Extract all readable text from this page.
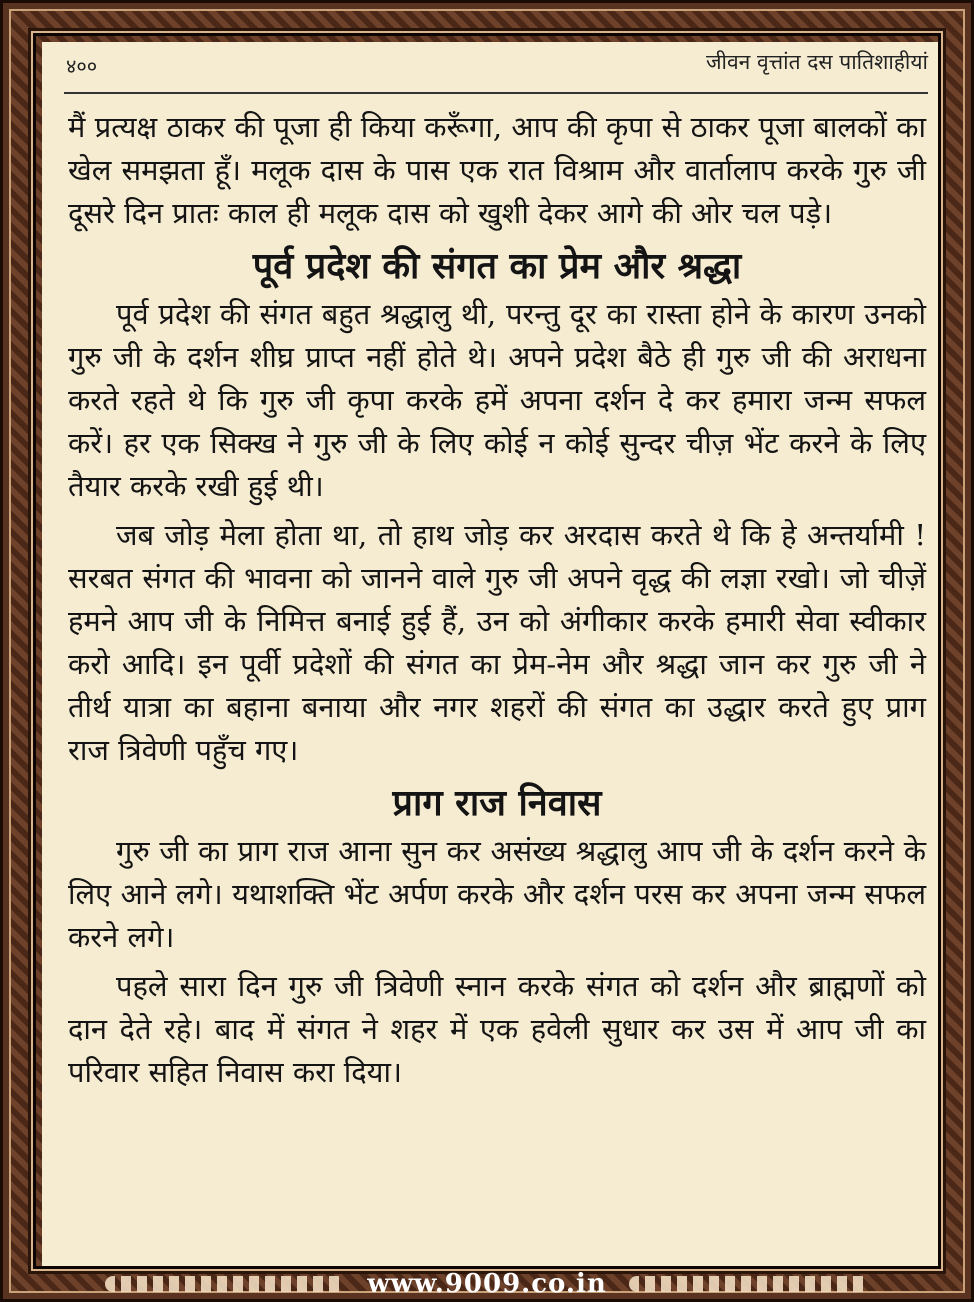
४००	जीवन वृत्तांत दस पातिशाहीयां

मैं प्रत्यक्ष ठाकर की पूजा ही किया करूँगा, आप की कृपा से ठाकर पूजा बालकों का खेल समझता हूँ। मलूक दास के पास एक रात विश्राम और वार्तालाप करके गुरु जी दूसरे दिन प्रातः काल ही मलूक दास को खुशी देकर आगे की ओर चल पड़े।

पूर्व प्रदेश की संगत का प्रेम और श्रद्धा

पूर्व प्रदेश की संगत बहुत श्रद्धालु थी, परन्तु दूर का रास्ता होने के कारण उनको गुरु जी के दर्शन शीघ्र प्राप्त नहीं होते थे। अपने प्रदेश बैठे ही गुरु जी की अराधना करते रहते थे कि गुरु जी कृपा करके हमें अपना दर्शन दे कर हमारा जन्म सफल करें। हर एक सिक्ख ने गुरु जी के लिए कोई न कोई सुन्दर चीज़ भेंट करने के लिए तैयार करके रखी हुई थी।

जब जोड़ मेला होता था, तो हाथ जोड़ कर अरदास करते थे कि हे अन्तर्यामी ! सरबत संगत की भावना को जानने वाले गुरु जी अपने वृद्ध की लज्ञा रखो। जो चीज़ें हमने आप जी के निमित्त बनाई हुई हैं, उन को अंगीकार करके हमारी सेवा स्वीकार करो आदि। इन पूर्वी प्रदेशों की संगत का प्रेम-नेम और श्रद्धा जान कर गुरु जी ने तीर्थ यात्रा का बहाना बनाया और नगर शहरों की संगत का उद्धार करते हुए प्राग राज त्रिवेणी पहुँच गए।

प्राग राज निवास

गुरु जी का प्राग राज आना सुन कर असंख्य श्रद्धालु आप जी के दर्शन करने के लिए आने लगे। यथाशक्ति भेंट अर्पण करके और दर्शन परस कर अपना जन्म सफल करने लगे।

पहले सारा दिन गुरु जी त्रिवेणी स्नान करके संगत को दर्शन और ब्राह्मणों को दान देते रहे। बाद में संगत ने शहर में एक हवेली सुधार कर उस में आप जी का परिवार सहित निवास करा दिया।

www.9009.co.in
